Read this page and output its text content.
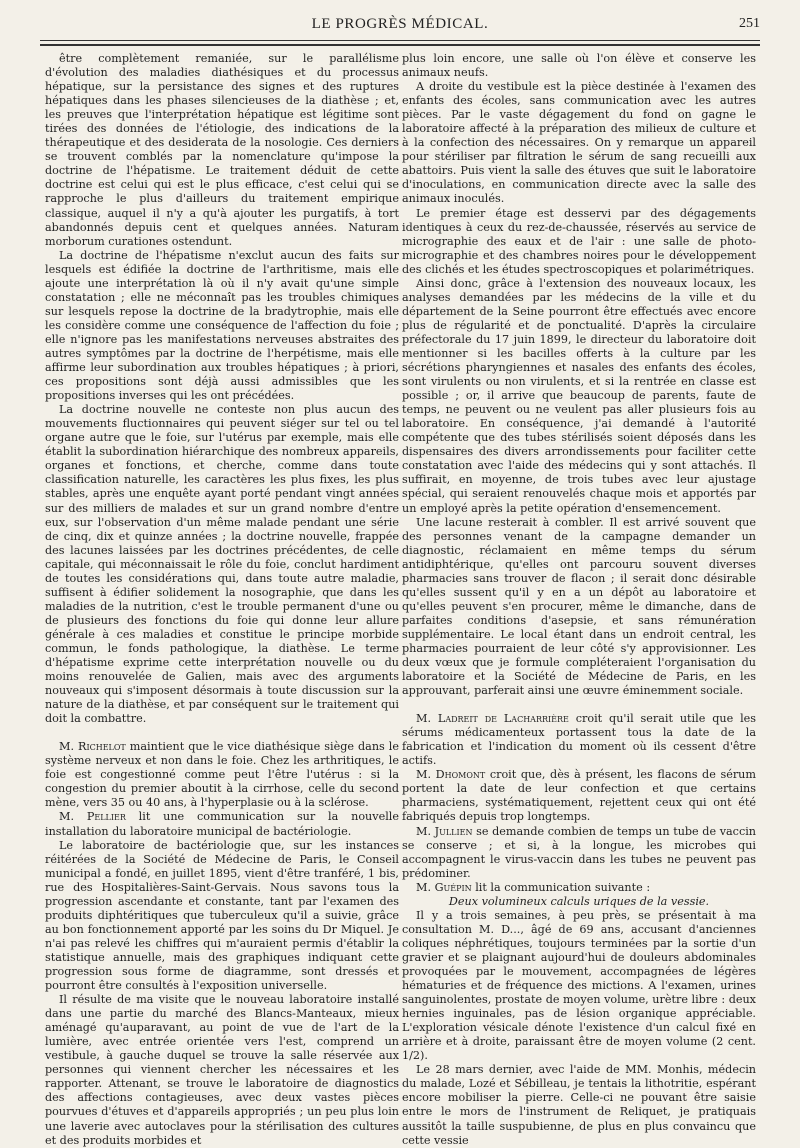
LE PROGRÈS MÉDICAL.	251

être complètement remaniée, sur le parallélisme d'évolution des maladies diathésiques et du processus hépatique, sur la persistance des signes et des ruptures hépatiques dans les phases silencieuses de la diathèse ; et, les preuves que l'interprétation hépatique est légitime sont tirées des données de l'étiologie, des indications de la thérapeutique et des desiderata de la nosologie. Ces derniers se trouvent comblés par la nomenclature qu'impose la doctrine de l'hépatisme. Le traitement déduit de cette doctrine est celui qui est le plus efficace, c'est celui qui se rapproche le plus d'ailleurs du traitement empirique classique, auquel il n'y a qu'à ajouter les purgatifs, à tort abandonnés depuis cent et quelques années. Naturam morborum curationes ostendunt.

La doctrine de l'hépatisme n'exclut aucun des faits sur lesquels est édifiée la doctrine de l'arthritisme, mais elle ajoute une interprétation là où il n'y avait qu'une simple constatation ; elle ne méconnaît pas les troubles chimiques sur lesquels repose la doctrine de la bradytrophie, mais elle les considère comme une conséquence de l'affection du foie ; elle n'ignore pas les manifestations nerveuses abstraites des autres symptômes par la doctrine de l'herpétisme, mais elle affirme leur subordination aux troubles hépatiques ; à priori, ces propositions sont déjà aussi admissibles que les propositions inverses qui les ont précédées.

La doctrine nouvelle ne conteste non plus aucun des mouvements fluctionnaires qui peuvent siéger sur tel ou tel organe autre que le foie, sur l'utérus par exemple, mais elle établit la subordination hiérarchique des nombreux appareils, organes et fonctions, et cherche, comme dans toute classification naturelle, les caractères les plus fixes, les plus stables, après une enquête ayant porté pendant vingt années sur des milliers de malades et sur un grand nombre d'entre eux, sur l'observation d'un même malade pendant une série de cinq, dix et quinze années ; la doctrine nouvelle, frappée des lacunes laissées par les doctrines précédentes, de celle capitale, qui méconnaissait le rôle du foie, conclut hardiment de toutes les considérations qui, dans toute autre maladie, suffisent à édifier solidement la nosographie, que dans les maladies de la nutrition, c'est le trouble permanent d'une ou de plusieurs des fonctions du foie qui donne leur allure générale à ces maladies et constitue le principe morbide commun, le fonds pathologique, la diathèse. Le terme d'hépatisme exprime cette interprétation nouvelle ou du moins renouvelée de Galien, mais avec des arguments nouveaux qui s'imposent désormais à toute discussion sur la nature de la diathèse, et par conséquent sur le traitement qui doit la combattre.

M. Richelot maintient que le vice diathésique siège dans le système nerveux et non dans le foie. Chez les arthritiques, le foie est congestionné comme peut l'être l'utérus : si la congestion du premier aboutit à la cirrhose, celle du second mène, vers 35 ou 40 ans, à l'hyperplasie ou à la sclérose.

M. Pellier lit une communication sur la nouvelle installation du laboratoire municipal de bactériologie.

Le laboratoire de bactériologie que, sur les instances réitérées de la Société de Médecine de Paris, le Conseil municipal a fondé, en juillet 1895, vient d'être tranféré, 1 bis, rue des Hospitalières-Saint-Gervais. Nous savons tous la progression ascendante et constante, tant par l'examen des produits diphtéritiques que tuberculeux qu'il a suivie, grâce au bon fonctionnement apporté par les soins du Dr Miquel. Je n'ai pas relevé les chiffres qui m'auraient permis d'établir la statistique annuelle, mais des graphiques indiquant cette progression sous forme de diagramme, sont dressés et pourront être consultés à l'exposition universelle.

Il résulte de ma visite que le nouveau laboratoire installé dans une partie du marché des Blancs-Manteaux, mieux aménagé qu'auparavant, au point de vue de l'art de la lumière, avec entrée orientée vers l'est, comprend un vestibule, à gauche duquel se trouve la salle réservée aux personnes qui viennent chercher les nécessaires et les rapporter. Attenant, se trouve le laboratoire de diagnostics des affections contagieuses, avec deux vastes pièces pourvues d'étuves et d'appareils appropriés ; un peu plus loin une laverie avec autoclaves pour la stérilisation des cultures et des produits morbides et

plus loin encore, une salle où l'on élève et conserve les animaux neufs.

A droite du vestibule est la pièce destinée à l'examen des enfants des écoles, sans communication avec les autres pièces. Par le vaste dégagement du fond on gagne le laboratoire affecté à la préparation des milieux de culture et à la confection des nécessaires. On y remarque un appareil pour stériliser par filtration le sérum de sang recueilli aux abattoirs. Puis vient la salle des étuves que suit le laboratoire d'inoculations, en communication directe avec la salle des animaux inoculés.

Le premier étage est desservi par des dégagements identiques à ceux du rez-de-chaussée, réservés au service de micrographie des eaux et de l'air : une salle de photo-micrographie et des chambres noires pour le développement des clichés et les études spectroscopiques et polarimétriques.

Ainsi donc, grâce à l'extension des nouveaux locaux, les analyses demandées par les médecins de la ville et du département de la Seine pourront être effectués avec encore plus de régularité et de ponctualité. D'après la circulaire préfectorale du 17 juin 1899, le directeur du laboratoire doit mentionner si les bacilles offerts à la culture par les sécrétions pharyngiennes et nasales des enfants des écoles, sont virulents ou non virulents, et si la rentrée en classe est possible ; or, il arrive que beaucoup de parents, faute de temps, ne peuvent ou ne veulent pas aller plusieurs fois au laboratoire. En conséquence, j'ai demandé à l'autorité compétente que des tubes stérilisés soient déposés dans les dispensaires des divers arrondissements pour faciliter cette constatation avec l'aide des médecins qui y sont attachés. Il suffirait, en moyenne, de trois tubes avec leur ajustage spécial, qui seraient renouvelés chaque mois et apportés par un employé après la petite opération d'ensemencement.

Une lacune resterait à combler. Il est arrivé souvent que des personnes venant de la campagne demander un diagnostic, réclamaient en même temps du sérum antidiphtérique, qu'elles ont parcouru souvent diverses pharmacies sans trouver de flacon ; il serait donc désirable qu'elles sussent qu'il y en a un dépôt au laboratoire et qu'elles peuvent s'en procurer, même le dimanche, dans de parfaites conditions d'asepsie, et sans rémunération supplémentaire. Le local étant dans un endroit central, les pharmacies pourraient de leur côté s'y approvisionner. Les deux vœux que je formule compléteraient l'organisation du laboratoire et la Société de Médecine de Paris, en les approuvant, parferait ainsi une œuvre éminemment sociale.

M. Ladreit de Lacharrière croit qu'il serait utile que les sérums médicamenteux portassent tous la date de la fabrication et l'indication du moment où ils cessent d'être actifs.

M. Dhomont croit que, dès à présent, les flacons de sérum portent la date de leur confection et que certains pharmaciens, systématiquement, rejettent ceux qui ont été fabriqués depuis trop longtemps.

M. Jullien se demande combien de temps un tube de vaccin se conserve ; et si, à la longue, les microbes qui accompagnent le virus-vaccin dans les tubes ne peuvent pas prédominer.

M. Guépin lit la communication suivante :

Deux volumineux calculs uriques de la vessie.

Il y a trois semaines, à peu près, se présentait à ma consultation M. D..., âgé de 69 ans, accusant d'anciennes coliques néphrétiques, toujours terminées par la sortie d'un gravier et se plaignant aujourd'hui de douleurs abdominales provoquées par le mouvement, accompagnées de légères hématuries et de fréquence des mictions. A l'examen, urines sanguinolentes, prostate de moyen volume, urètre libre : deux hernies inguinales, pas de lésion organique appréciable. L'exploration vésicale dénote l'existence d'un calcul fixé en arrière et à droite, paraissant être de moyen volume (2 cent. 1/2).

Le 28 mars dernier, avec l'aide de MM. Monhis, médecin du malade, Lozé et Sébilleau, je tentais la lithotritie, espérant encore mobiliser la pierre. Celle-ci ne pouvant être saisie entre le mors de l'instrument de Reliquet, je pratiquais aussitôt la taille suspubienne, de plus en plus convaincu que cette vessie
